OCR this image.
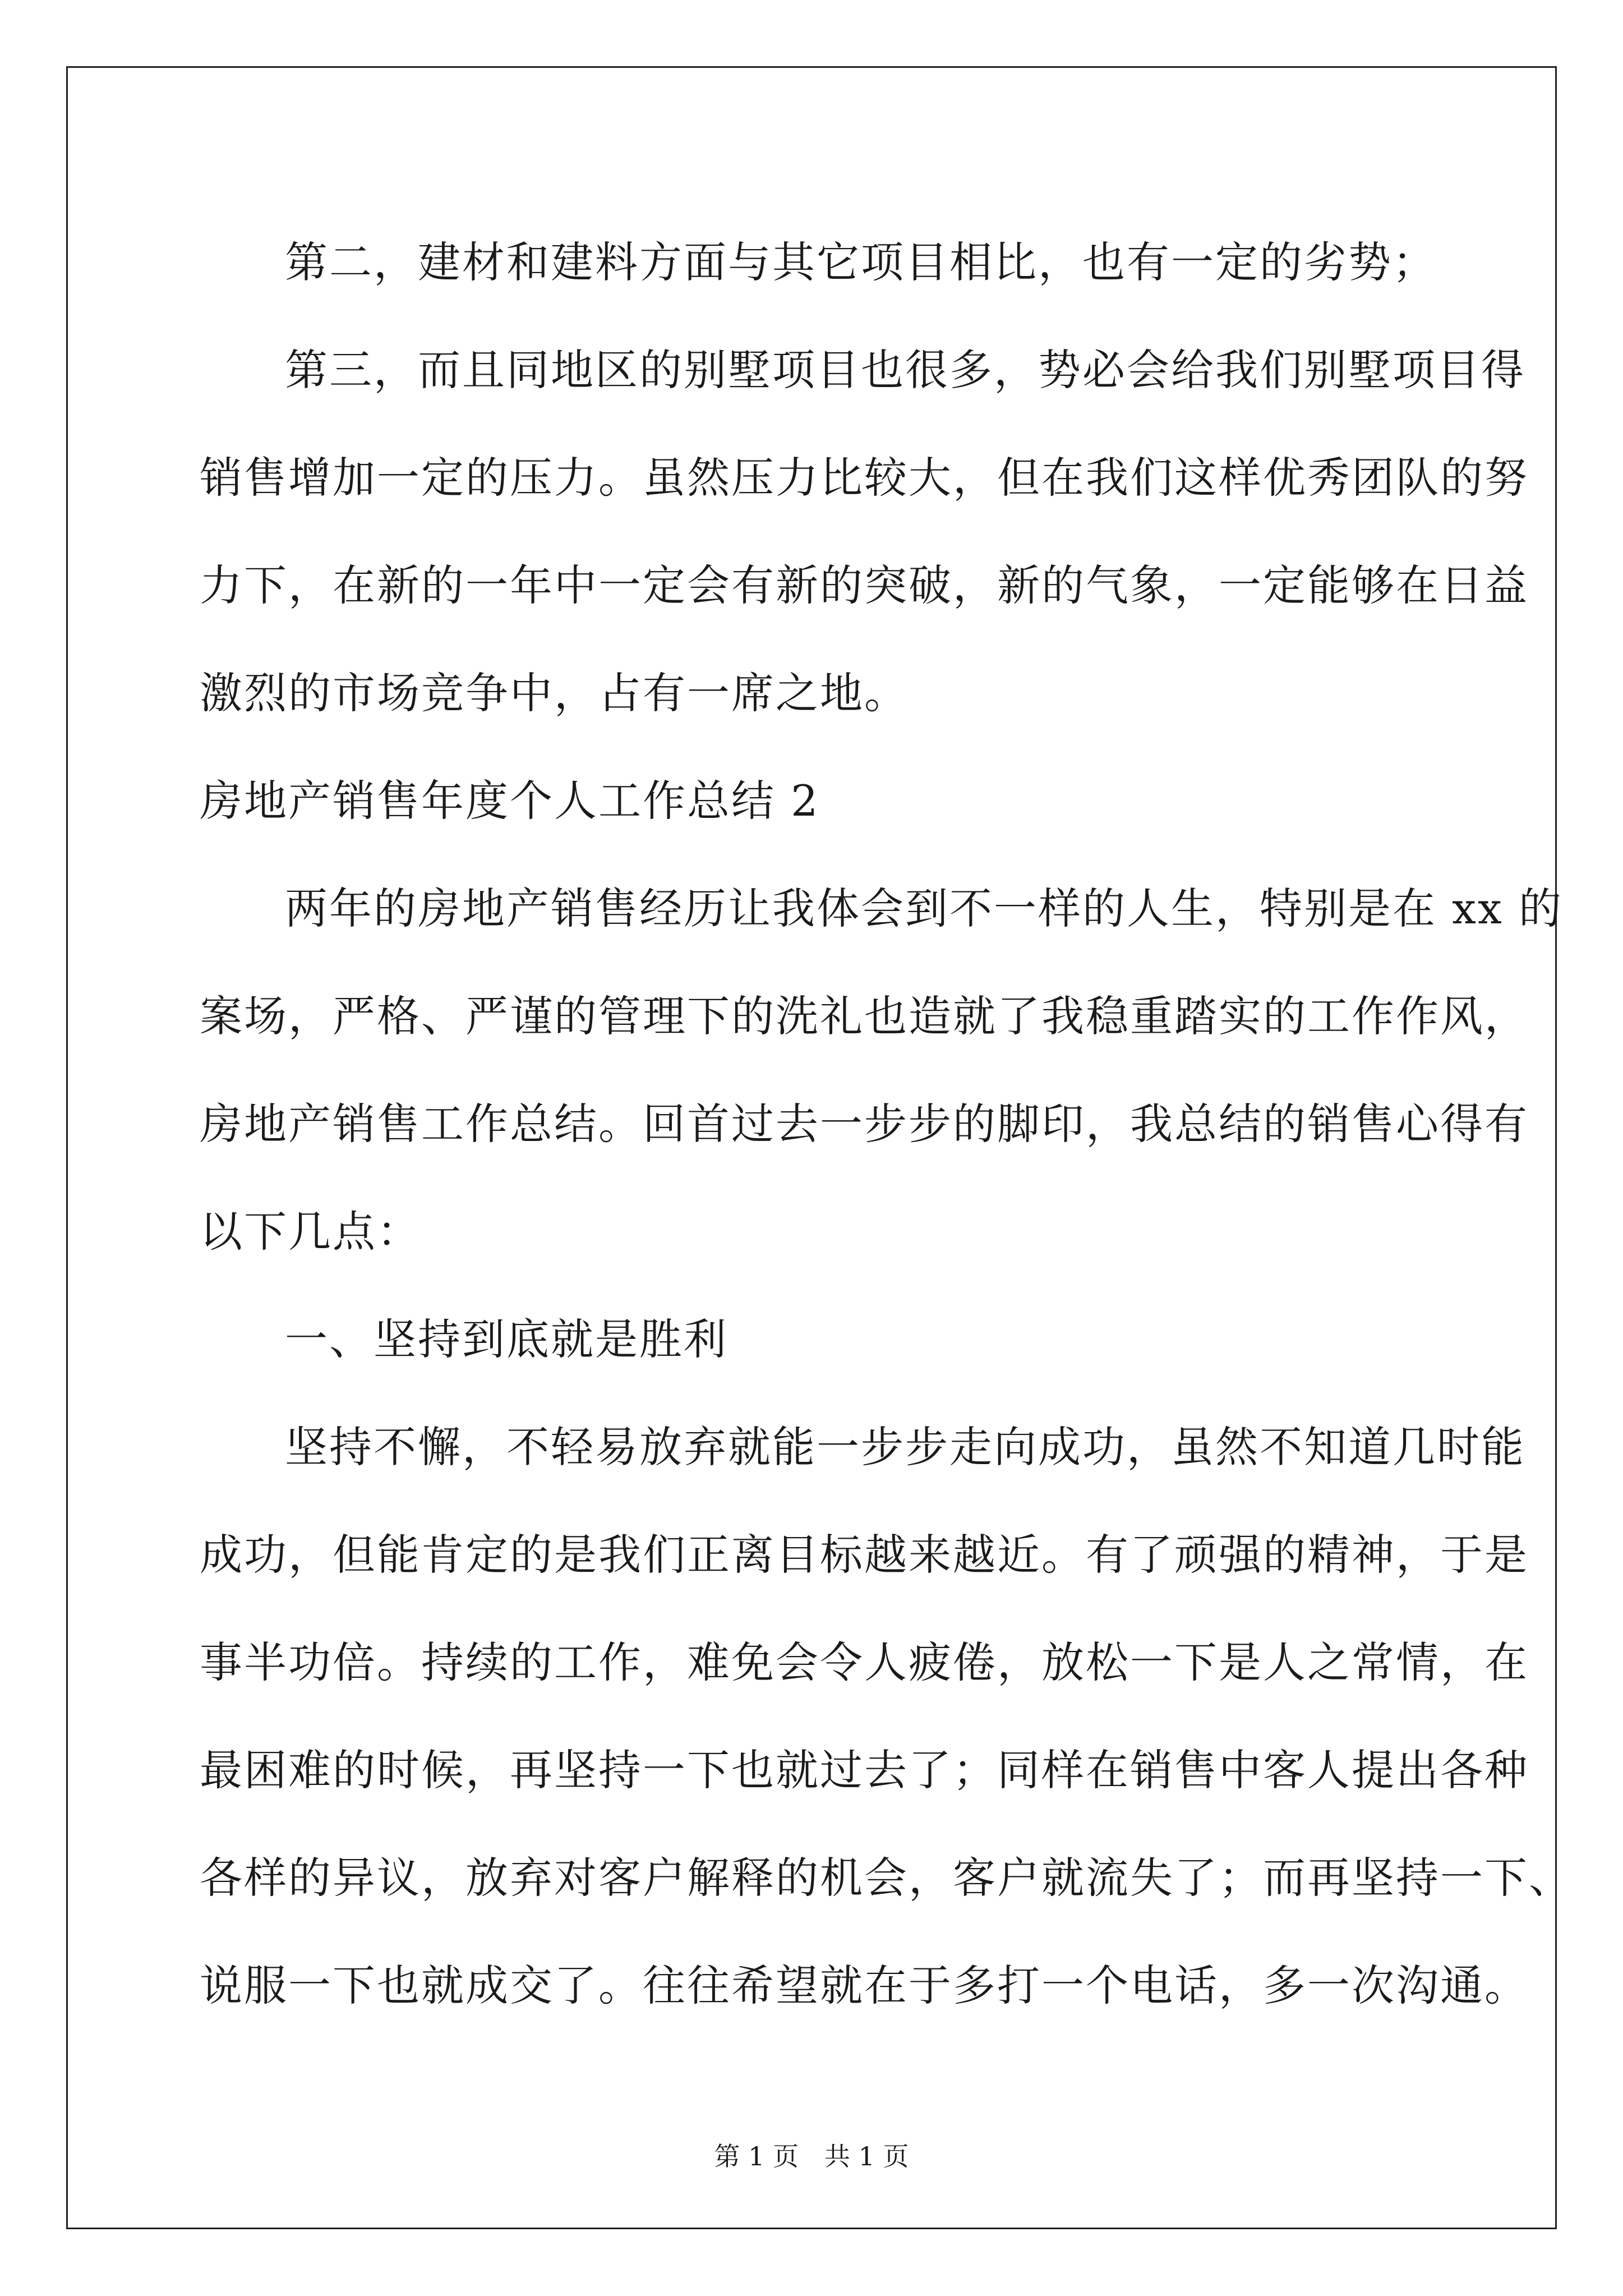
第二，建材和建料方面与其它项目相比，也有一定的劣势；

第三，而且同地区的别墅项目也很多，势必会给我们别墅项目得

销售增加一定的压力。虽然压力比较大，但在我们这样优秀团队的努

力下，在新的一年中一定会有新的突破，新的气象，一定能够在日益

激烈的市场竞争中，占有一席之地。

房地产销售年度个人工作总结 2

两年的房地产销售经历让我体会到不一样的人生，特别是在 xx 的

案场，严格、严谨的管理下的洗礼也造就了我稳重踏实的工作作风，

房地产销售工作总结。回首过去一步步的脚印，我总结的销售心得有

以下几点：

一、坚持到底就是胜利

坚持不懈，不轻易放弃就能一步步走向成功，虽然不知道几时能

成功，但能肯定的是我们正离目标越来越近。有了顽强的精神，于是

事半功倍。持续的工作，难免会令人疲倦，放松一下是人之常情，在

最困难的时候，再坚持一下也就过去了；同样在销售中客人提出各种

各样的异议，放弃对客户解释的机会，客户就流失了；而再坚持一下、

说服一下也就成交了。往往希望就在于多打一个电话，多一次沟通。

第 1 页　共 1 页
